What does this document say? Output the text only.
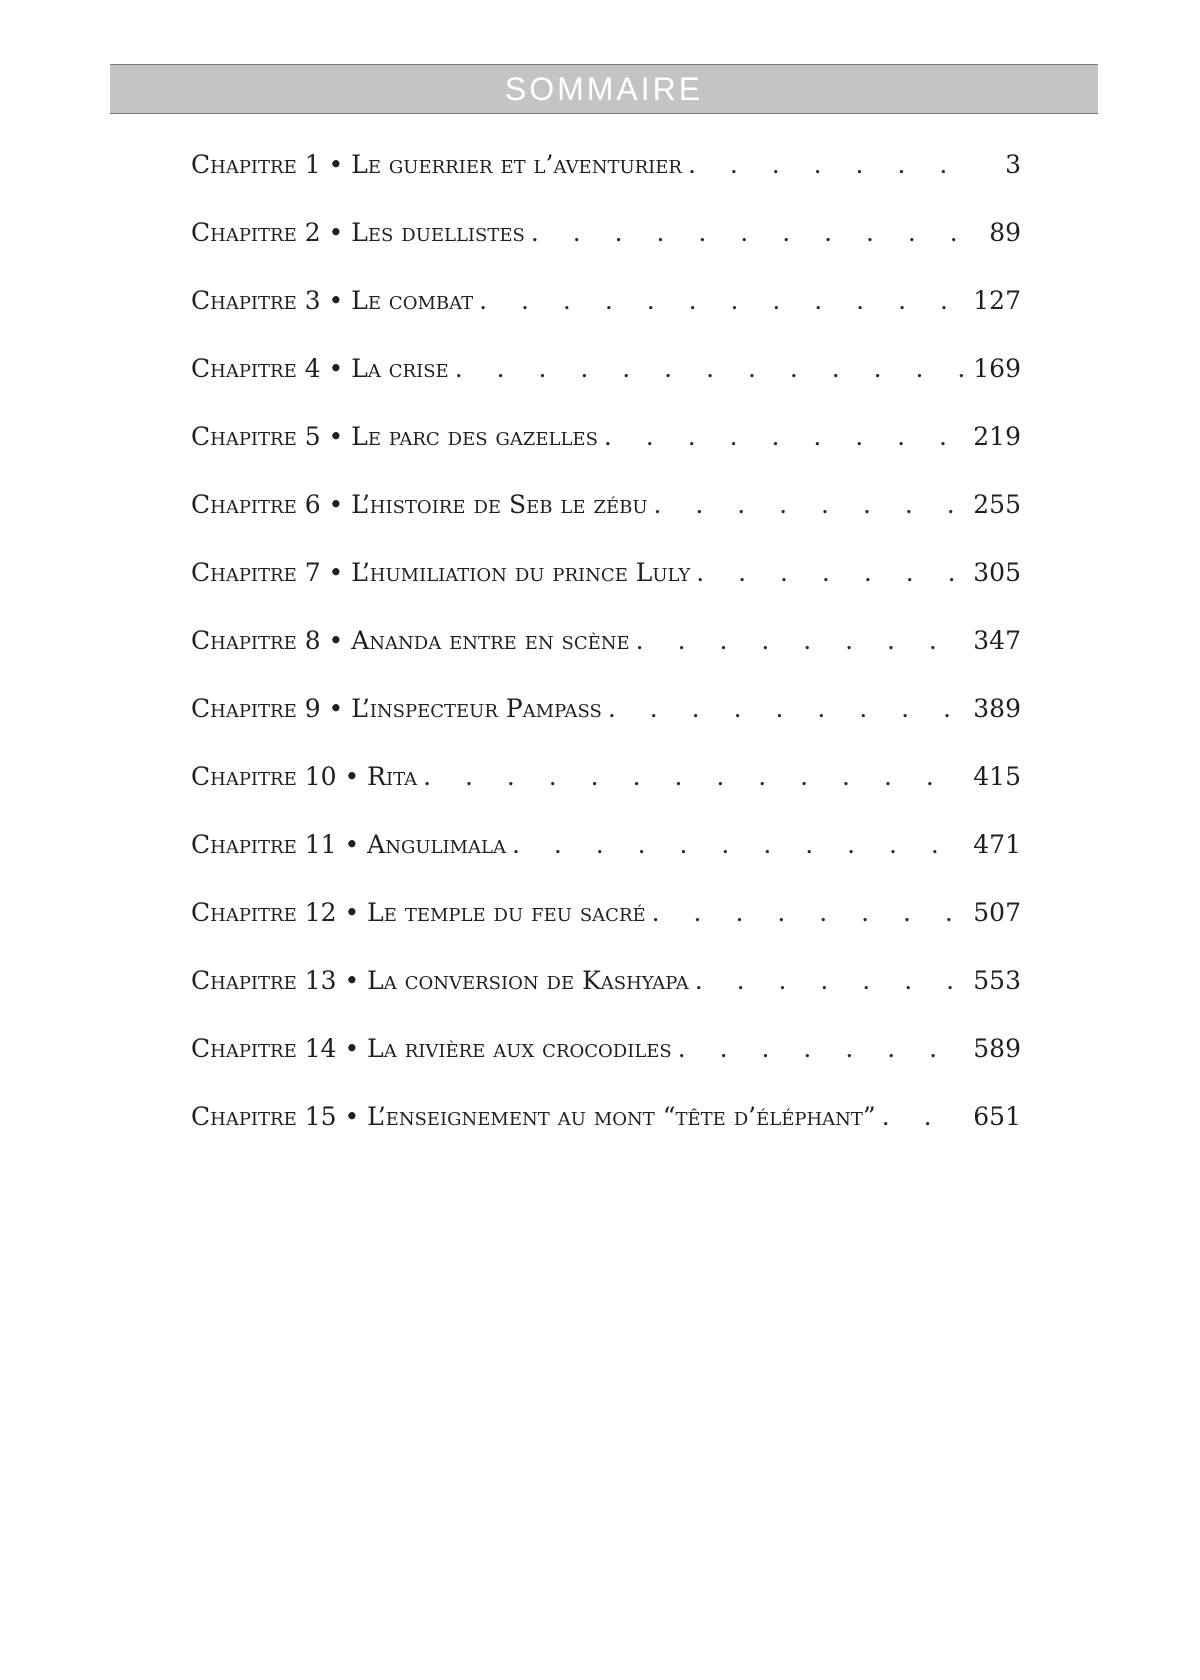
SOMMAIRE
Chapitre 1 • Le guerrier et l’aventurier . . .	3
Chapitre 2 • Les duellistes . . .	89
Chapitre 3 • Le combat . . .	127
Chapitre 4 • La crise . . .	169
Chapitre 5 • Le parc des gazelles . . .	219
Chapitre 6 • L’histoire de Seb le zébu . . .	255
Chapitre 7 • L’humiliation du prince Luly . . .	305
Chapitre 8 • Ananda entre en scène . . .	347
Chapitre 9 • L’inspecteur Pampass . . .	389
Chapitre 10 • Rita . . .	415
Chapitre 11 • Angulimala . . .	471
Chapitre 12 • Le temple du feu sacré . . .	507
Chapitre 13 • La conversion de Kashyapa . . .	553
Chapitre 14 • La rivière aux crocodiles . . .	589
Chapitre 15 • L’enseignement au mont “tête d’éléphant” . . .	651
